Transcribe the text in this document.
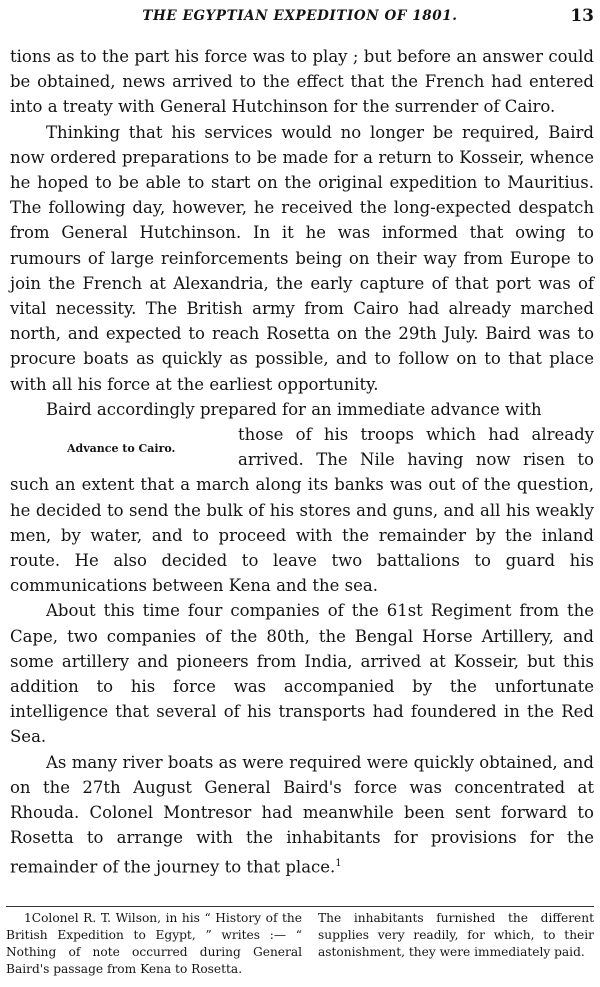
THE EGYPTIAN EXPEDITION OF 1801.	13

tions as to the part his force was to play ; but before an answer could be obtained, news arrived to the effect that the French had entered into a treaty with General Hutchinson for the surrender of Cairo.

Thinking that his services would no longer be required, Baird now ordered preparations to be made for a return to Kosseir, whence he hoped to be able to start on the original expedition to Mauritius. The following day, however, he received the long-expected despatch from General Hutchinson. In it he was informed that owing to rumours of large reinforcements being on their way from Europe to join the French at Alexandria, the early capture of that port was of vital necessity. The British army from Cairo had already marched north, and expected to reach Rosetta on the 29th July. Baird was to procure boats as quickly as possible, and to follow on to that place with all his force at the earliest opportunity.

Baird accordingly prepared for an immediate advance with

Advance to Cairo.

those of his troops which had already arrived. The Nile having now risen to such an extent that a march along its banks was out of the question, he decided to send the bulk of his stores and guns, and all his weakly men, by water, and to proceed with the remainder by the inland route. He also decided to leave two battalions to guard his communications between Kena and the sea.

About this time four companies of the 61st Regiment from the Cape, two companies of the 80th, the Bengal Horse Artillery, and some artillery and pioneers from India, arrived at Kosseir, but this addition to his force was accompanied by the unfortunate intelligence that several of his transports had foundered in the Red Sea.

As many river boats as were required were quickly obtained, and on the 27th August General Baird's force was concentrated at Rhouda. Colonel Montresor had meanwhile been sent forward to Rosetta to arrange with the inhabitants for provisions for the remainder of the journey to that place.$^1$

1Colonel R. T. Wilson, in his “ History of the British Expedition to Egypt, ” writes :— “ Nothing of note occurred during General Baird's passage from Kena to Rosetta.

The inhabitants furnished the different supplies very readily, for which, to their astonishment, they were immediately paid.
